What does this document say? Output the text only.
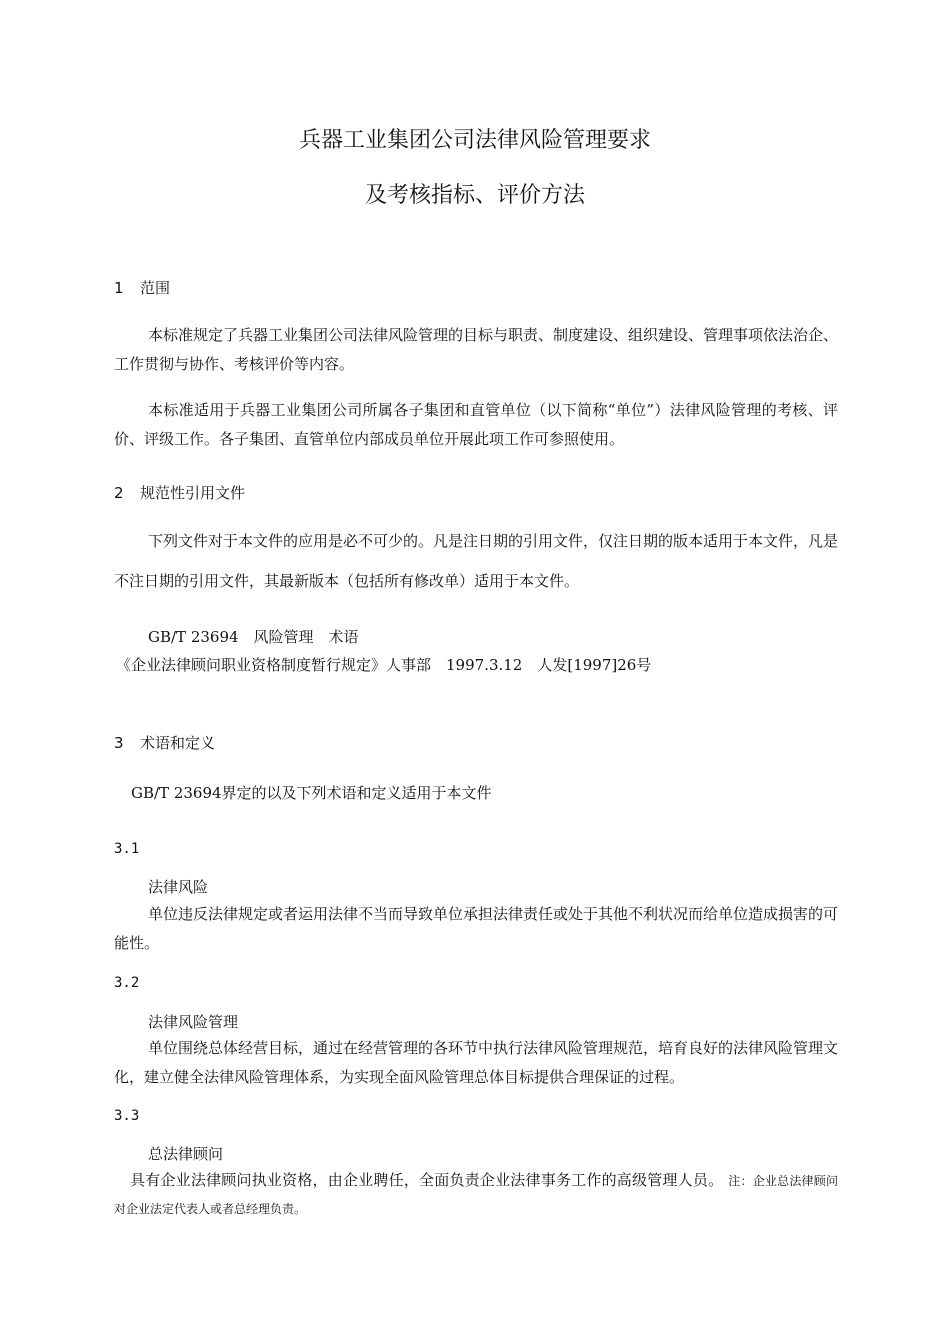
兵器工业集团公司法律风险管理要求
及考核指标、评价方法
1 范围
本标准规定了兵器工业集团公司法律风险管理的目标与职责、制度建设、组织建设、管理事项依法治企、工作贯彻与协作、考核评价等内容。
本标准适用于兵器工业集团公司所属各子集团和直管单位（以下简称“单位”）法律风险管理的考核、评价、评级工作。各子集团、直管单位内部成员单位开展此项工作可参照使用。
2 规范性引用文件
下列文件对于本文件的应用是必不可少的。凡是注日期的引用文件，仅注日期的版本适用于本文件，凡是不注日期的引用文件，其最新版本（包括所有修改单）适用于本文件。
GB/T 23694　风险管理　术语
《企业法律顾问职业资格制度暂行规定》人事部　1997.3.12　人发[1997]26号
3 术语和定义
GB/T 23694界定的以及下列术语和定义适用于本文件
3.1
法律风险
单位违反法律规定或者运用法律不当而导致单位承担法律责任或处于其他不利状况而给单位造成损害的可能性。
3.2
法律风险管理
单位围绕总体经营目标，通过在经营管理的各环节中执行法律风险管理规范，培育良好的法律风险管理文化，建立健全法律风险管理体系，为实现全面风险管理总体目标提供合理保证的过程。
3.3
总法律顾问
具有企业法律顾问执业资格，由企业聘任，全面负责企业法律事务工作的高级管理人员。 注：企业总法律顾问对企业法定代表人或者总经理负责。
